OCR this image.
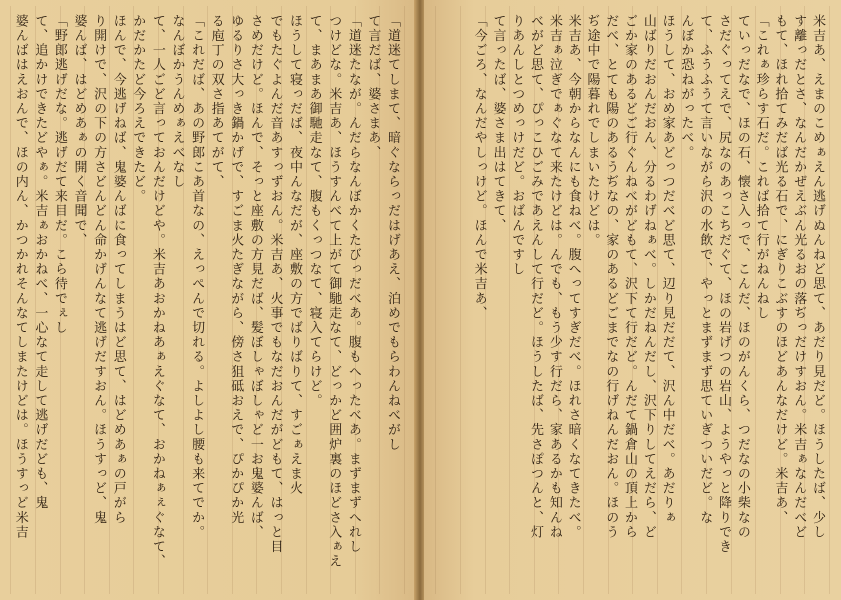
「道迷てしまて、暗ぐならっだはげあえ、泊めでもらわんねべがし
て言だば、婆さまあ、
「道迷たなが。んだらなんぼかくたびっだべあ。腹もへったべあ。まずまずへれし
つけどな。米吉あ、ほうすんべて上がて御馳走なて、どっかど囲炉裏のほどさ入ぁえ
て、まあまあ御馳走なて、腹もくっつなて、寝入てらけど。
ほうして寝っだば、夜中んなだが、座敷の方でばりばりて、すごぁえま火
でもたぐよんだ音あすっずおん。米吉あ、火事でもなだおんだがどもて、はっと目
さめだけど。ほんで、そっと座敷の方見だば、髪ぼしゃぼしゃど一お鬼婆んば、
ゆるりさ大っき鍋かげで、すごま火たぎながら、傍さ狙砥おえで、ぴかぴか光
る庖丁の双さ指あてがて、
「これだば、あの野郎こあ首なの、えっぺんで切れる。よしよし腰も来てでか。
なんぼかうんめぁえべなし
て、一人ごど言っておんだけどや。米吉あおかねあぁえぐなて、おかねぁぇぐなて、
かだかたど今ろえできたど。
ほんで、今逃げねば、鬼婆んばに食ってしまうはど思て、はどめあぁの戸がら
り開けで、沢の下の方さどんどん命かげんなて逃げだすおん。ほうすっど、鬼
婆んば、はどめあぁの開く音聞で、
「野郎逃げだな。逃げだて来目だ。こら待でぇし
て、追かけできたどやぁ。米吉ぁおかねべ、一心なて走して逃げだども、鬼
婆んばはえおんで、ほの内ん、かつかれそんなてしまたけどは。ほうすっど米吉	米吉あ、えまのこめぁえん逃げぬんねど思て、あだり見だど。ほうしたば、少し
す離っだとさ、なんだかぜえぶん光るおの落ぢっだけすおん。米吉ぁなんだべど
もて、ほれ拾てみだば光る石で、にぎりこぶすのほどあんなだけど。米吉あ、
「これぁ珍らす石だ。これば拾て行がねんねし
ていっだなで、ほの石、懐さ入っで、こんだ、ほのがんくら、つだなの小柴なの
さだぐってえで、尻なのあっこちだぐて、ほの岩げつの岩山、ようやっと降りでき
て、ふうふうて言いながら沢の水飲で、やっとまずまず思ていぎついだど。な
んぼか恐ねがったべ。
ほうして、おめ家あどっつだべど思て、辺り見だだて、沢ん中だべ。あだりぁ
山ばりだおんだおん、分るわげねぁべ。しかだねんだし、沢下りしてえだら、ど
ごか家のあるどご行ぐんねべがどもて、沢下て行だど。んだて鍋倉山の頂上から
だべ、とても陽のあるうぢなの、家のあるどごまでなの行げねんだおん。ほのう
ぢ途中で陽暮れでしまいたけどは。
米吉あ、今朝からなんにも食ねべ。腹へってすぎだべ。ほれさ暗くなてきたべ。
米吉ぁ泣ぎでぁぐなて来たけどは。んでも、もう少す行だら、家あるかも知んね
べがど思て、ぴっこひごみであえんして行だど。ほうしたば、先さぽつんと、灯
りあんしとつめっけだど。おばんですし
て言ったば、婆さま出はてきて、
「今ごろ、なんだやしっけど。ほんで米吉あ、
